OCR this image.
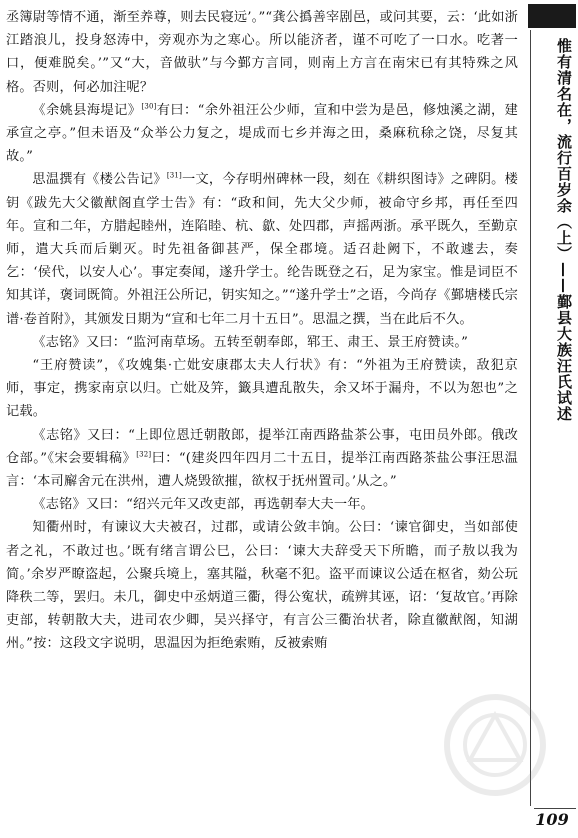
丞簿尉等情不通，渐至养尊，则去民寝远’。”“龚公撝善宰剧邑，或问其要，云：‘此如浙江踏浪儿，投身怒涛中，旁观亦为之寒心。所以能济者，谨不可吃了一口水。吃著一口，便难脱矣。’”又“大，音做驮”与今鄞方言同，则南上方言在南宋已有其特殊之风格。否则，何必加注呢？

《余姚县海堤记》[30]有曰：“余外祖汪公少师，宣和中尝为是邑，修烛溪之湖，建承宣之亭。”但未语及“众举公力复之，堤成而七乡并海之田，桑麻秔稌之饶，尽复其故。”

思温撰有《楼公告记》[31]一文，今存明州碑林一段，刻在《耕织图诗》之碑阴。楼钥《跋先大父徽猷阁直学士告》有：“政和间，先大父少师，被命守乡邦，再任至四年。宣和二年，方腊起睦州，连陷睦、杭、歙、处四郡，声摇两浙。承平既久，至勤京师，遣大兵而后剿灭。时先祖备御甚严，保全郡境。适召赴阙下，不敢遽去，奏乞：‘侯代，以安人心’。事定奏闻，遂升学士。纶告既登之石，足为家宝。惟是词臣不知其详，褒词既简。外祖汪公所记，钥实知之。”“遂升学士”之语，今尚存《鄞塘楼氏宗谱·卷首附》，其颁发日期为“宣和七年二月十五日”。思温之撰，当在此后不久。

《志铭》又曰：“监河南草场。五转至朝奉郎，郓王、肃王、景王府赞读。”

“王府赞读”，《攻媿集·亡妣安康郡太夫人行状》有：“外祖为王府赞读，敌犯京师，事定，携家南京以归。亡妣及笄，籤具遭乱散失，余又坏于漏舟，不以为恕也”之记载。

《志铭》又曰：“上即位恩迁朝散郎，提举江南西路盐茶公事，屯田员外郎。俄改仓部。”《宋会要辑稿》[32]曰：“(建炎四年四月二十五日，提举江南西路茶盐公事汪思温言：‘本司廨舍元在洪州，遭人烧毁欲摧，欲权于抚州置司。’从之。”

《志铭》又曰：“绍兴元年又改吏部，再选朝奉大夫一年。

知衢州时，有谏议大夫被召，过郡，或请公敛丰饷。公曰：‘谏官御史，当如部使者之礼，不敢过也。’既有绪言谓公巳，公曰：‘谏大夫辞受天下所瞻，而子敖以我为简。’余岁严瞭盗起，公聚兵境上，塞其隘，秋毫不犯。盗平而谏议公适在枢省，劾公玩降秩二等，罢归。未几，御史中丞炳道三衢，得公寃状，疏辨其诬，诏：‘复故官。’再除吏部，转朝散大夫，进司农少卿，吴兴择守，有言公三衢治状者，除直徽猷阁，知湖州。”按：这段文字说明，思温因为拒绝索贿，反被索贿

惟有清名在，流行百岁余（上）——鄞县大族汪氏试述
109
